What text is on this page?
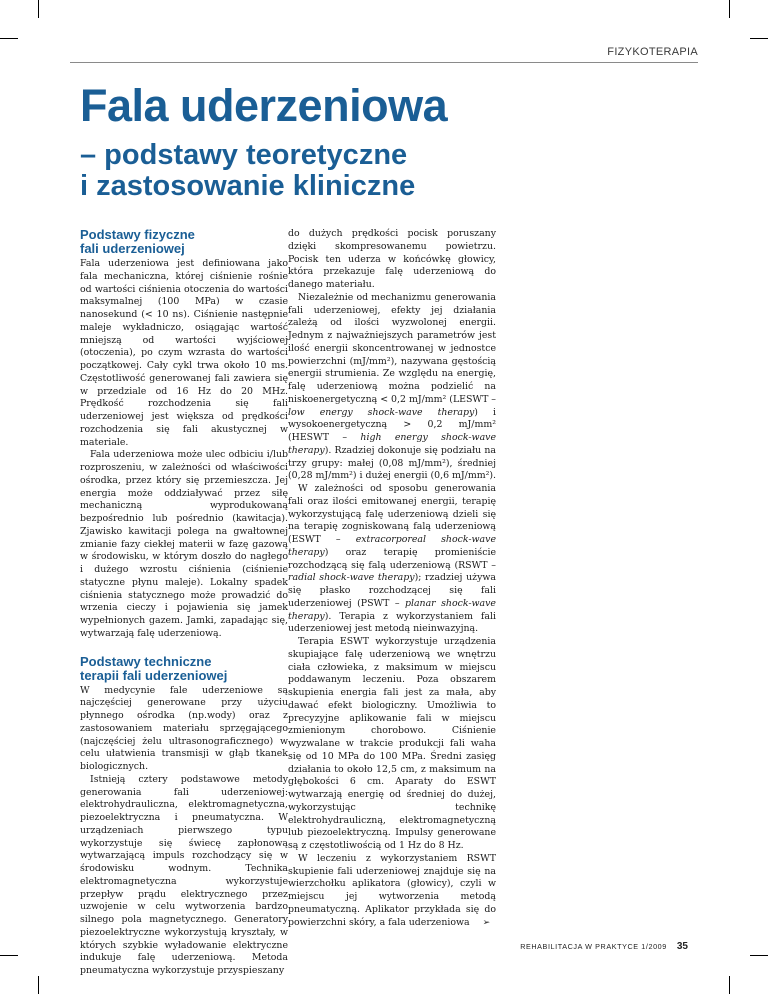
FIZYKOTERAPIA
Fala uderzeniowa
– podstawy teoretyczne
i zastosowanie kliniczne
Podstawy fizyczne
fali uderzeniowej

Fala uderzeniowa jest definiowana jako fala mechaniczna, której ciśnienie rośnie od wartości ciśnienia otoczenia do wartości maksymalnej (100 MPa) w czasie nanosekund (< 10 ns). Ciśnienie następnie maleje wykładniczo, osiągając wartość mniejszą od wartości wyjściowej (otoczenia), po czym wzrasta do wartości początkowej. Cały cykl trwa około 10 ms. Częstotliwość generowanej fali zawiera się w przedziale od 16 Hz do 20 MHz. Prędkość rozchodzenia się fali uderzeniowej jest większa od prędkości rozchodzenia się fali akustycznej w materiale.

Fala uderzeniowa może ulec odbiciu i/lub rozproszeniu, w zależności od właściwości ośrodka, przez który się przemieszcza. Jej energia może oddziaływać przez siłę mechaniczną wyprodukowaną bezpośrednio lub pośrednio (kawitacja). Zjawisko kawitacji polega na gwałtownej zmianie fazy ciekłej materii w fazę gazową w środowisku, w którym doszło do nagłego i dużego wzrostu ciśnienia (ciśnienie statyczne płynu maleje). Lokalny spadek ciśnienia statycznego może prowadzić do wrzenia cieczy i pojawienia się jamek wypełnionych gazem. Jamki, zapadając się, wytwarzają falę uderzeniową.

Podstawy techniczne
terapii fali uderzeniowej

W medycynie fale uderzeniowe są najczęściej generowane przy użyciu płynnego ośrodka (np.wody) oraz z zastosowaniem materiału sprzęgającego (najczęściej żelu ultrasonograficznego) w celu ułatwienia transmisji w głąb tkanek biologicznych.

Istnieją cztery podstawowe metody generowania fali uderzeniowej: elektrohydrauliczna, elektromagnetyczna, piezoelektryczna i pneumatyczna. W urządzeniach pierwszego typu wykorzystuje się świecę zapłonową wytwarzającą impuls rozchodzący się w środowisku wodnym. Technika elektromagnetyczna wykorzystuje przepływ prądu elektrycznego przez uzwojenie w celu wytworzenia bardzo silnego pola magnetycznego. Generatory piezoelektryczne wykorzystują kryształy, w których szybkie wyładowanie elektryczne indukuje falę uderzeniową. Metoda pneumatyczna wykorzystuje przyspieszany

do dużych prędkości pocisk poruszany dzięki skompresowanemu powietrzu. Pocisk ten uderza w końcówkę głowicy, która przekazuje falę uderzeniową do danego materiału.

Niezależnie od mechanizmu generowania fali uderzeniowej, efekty jej działania zależą od ilości wyzwolonej energii. Jednym z najważniejszych parametrów jest ilość energii skoncentrowanej w jednostce powierzchni (mJ/mm²), nazywana gęstością energii strumienia. Ze względu na energię, falę uderzeniową można podzielić na niskoenergetyczną < 0,2 mJ/mm² (LESWT – low energy shock-wave therapy) i wysokoenergetyczną > 0,2 mJ/mm² (HESWT – high energy shock-wave therapy). Rzadziej dokonuje się podziału na trzy grupy: małej (0,08 mJ/mm²), średniej (0,28 mJ/mm²) i dużej energii (0,6 mJ/mm²).

W zależności od sposobu generowania fali oraz ilości emitowanej energii, terapię wykorzystującą falę uderzeniową dzieli się na terapię zogniskowaną falą uderzeniową (ESWT – extracorporeal shock-wave therapy) oraz terapię promieniście rozchodzącą się falą uderzeniową (RSWT – radial shock-wave therapy); rzadziej używa się płasko rozchodzącej się fali uderzeniowej (PSWT – planar shock-wave therapy). Terapia z wykorzystaniem fali uderzeniowej jest metodą nieinwazyjną.

Terapia ESWT wykorzystuje urządzenia skupiające falę uderzeniową we wnętrzu ciała człowieka, z maksimum w miejscu poddawanym leczeniu. Poza obszarem skupienia energia fali jest za mała, aby dawać efekt biologiczny. Umożliwia to precyzyjne aplikowanie fali w miejscu zmienionym chorobowo. Ciśnienie wyzwalane w trakcie produkcji fali waha się od 10 MPa do 100 MPa. Średni zasięg działania to około 12,5 cm, z maksimum na głębokości 6 cm. Aparaty do ESWT wytwarzają energię od średniej do dużej, wykorzystując technikę elektrohydrauliczną, elektromagnetyczną lub piezoelektryczną. Impulsy generowane są z częstotliwością od 1 Hz do 8 Hz.

W leczeniu z wykorzystaniem RSWT skupienie fali uderzeniowej znajduje się na wierzchołku aplikatora (głowicy), czyli w miejscu jej wytworzenia metodą pneumatyczną. Aplikator przykłada się do powierzchni skóry, a fala uderzeniowa ➢

REHABILITACJA W PRAKTYCE 1/2009 35
